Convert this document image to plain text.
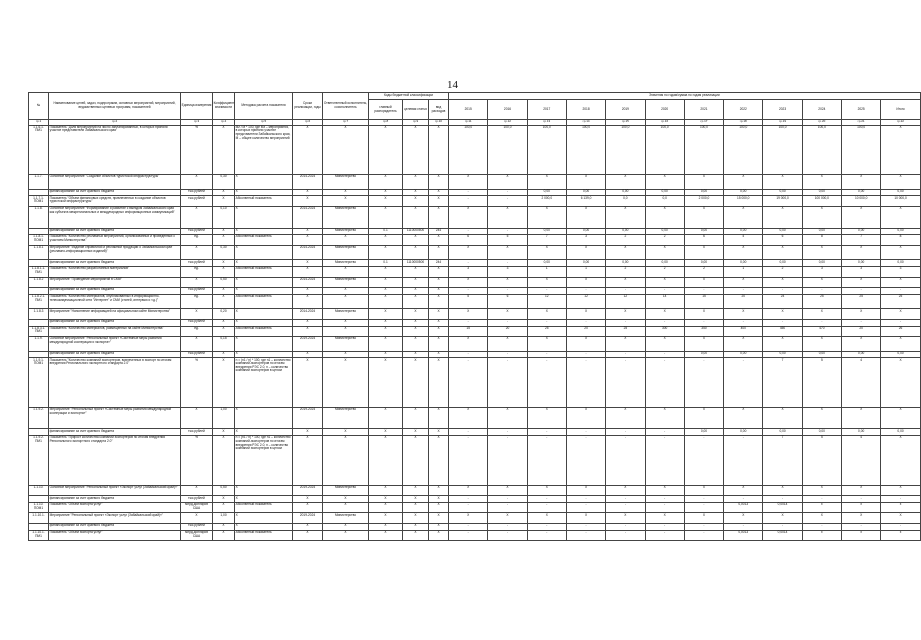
14
№	Наименование целей, задач, подпрограмм, основных мероприятий, мероприятий, ведомственных целевых программ, показателей	Единица измерения	Коэффициент значимости	Методика расчета показателя	Сроки реализации, годы	Ответственный исполнитель, соисполнитель	Коды бюджетной классификации			Значения по годам/сумма по годам реализации											
							главный распорядитель	целевая статья	вид расходов	2015	2016	2017	2018	2019	2020	2021	2022	2023	2024	2025	Итого
гр.1	гр.2	гр.3	гр.4	гр.5	гр.6	гр.7	гр.8	гр.9	гр.10	гр.11	гр.12	гр.13	гр.14	гр.15	гр.16	гр.17	гр.18	гр.19	гр.20	гр.21	гр.22
1.1.6.1. ПМ1	Показатель "Доля мероприятий на число запланированных, в которых приняли участие представители Забайкальского края"	%	X	Мz / М * 100, где Мz – мероприятия, в которых приняли участие представители Забайкальского края, М – общее количество мероприятий	X	X	X	X	X	100,0	100,0	100,0	100,0	100,0	100,0	100,0	100,0	100,0	100,0	100,0	X
1.1.7.	Основное мероприятие "Создание объектов туристской инфраструктуры"	Х	0,30	X	2014-2024	Министерство	Х	Х	Х	X	X	X	X	X	X	X	X	X	X	X	X
	финансирование за счет краевого бюджета	тыс.рублей	X	X	X	X	X	X	X	-	-	0,00	0,00	0,00	0,00	0,00	0,00	0,00	0,00	0,00	0,00
1.1.7.1. ПОМ1	Показатель "Объем финансовых средств, привлеченных в создание объектов туристской инфраструктуры"	тыс.рублей	X	Абсолютный показатель	X	X	Х	Х	Х	-	-	2 000,0	6 139,0	0,0	0,0	2 000,0	15 000,0	19 000,0	100 000,0	10 000,0	10 000,0
1.1.8.	Основное мероприятие "Формирование и развитие с выездом Забайкальского края как субъекта межрегиональных и международных информационных коммуникаций"	Х	0,10	X	2014-2024	Министерство	Х	Х	Х	X	X	X	X	X	X	X	X	X	X	X	X
	финансирование за счет краевого бюджета	тыс.рублей	X	X	X	Министерство	0.1	1110000500	244	-	-	0,00	0,00	0,00	0,00	0,00	0,00	0,00	0,00	0,00	0,00
1.1.8.1. ПОМ1	Показатель "Количество рекламных мероприятий, организованных и проведенных с участием Министерства"	ед.	X	Абсолютный показатель	X	X	Х	Х	Х	6	5	7	3	2	2	6	4	6	8	7	8
1.1.8.1	Мероприятие "Издание справочной и рекламной продукции о Забайкальском крае (рекламно-информационных изданий)"	Х	0,30	X	2014-2024	Министерство	Х	Х	Х	X	X	X	X	X	X	X	X	X	X	X	X
	финансирование за счет краевого бюджета	тыс.рублей	X	X	X	Министерство	0.1	1110000500	244	-	-	0,00	0,00	0,00	0,00	0,00	0,00	0,00	0,00	0,00	0,00
1.1.8.1.1. ПМ1	Показатель "Количество разработанных материалов"	ед.	X	Абсолютный показатель	X	X	Х	Х	Х	3	3	1	1	2	2	2	1	2	3	3	3
1.1.8.2	Мероприятие "Проведение мероприятий в СМИ"	Х	0,50	X	2014-2024	Министерство	Х	Х	Х	X	X	X	X	X	X	X	X	X	X	X	X
	финансирование за счет краевого бюджета	тыс.рублей	X	X	X	X	X	X	X	-	-	-	-	-	-	-	-	-	-	-	-
1.1.8.2.1. ПМ1	Показатель "Количество материалов, опубликованных в информационно-телекоммуникационной сети "Интернет" и СМИ (статей, интервью и т.д.)"	ед.	X	Абсолютный показатель	X	X	Х	Х	Х	5	6	12	12	12	14	15	20	24	25	25	25
1.1.8.3	Мероприятие "Наполнение информацией на официальном сайте Министерства"	Х	0,20	X	2014-2024	Министерство	Х	Х	Х	X	X	X	X	X	X	X	X	X	X	X	X
	финансирование за счет краевого бюджета	тыс.рублей	X	X	X	X	X	X	X	-	-	-	-	-	-	-	-	-	-	-	-
1.1.8.3.1. ПМ1	Показатель "Количество материалов, размещенных на сайте Министерства"	ед.	X	Абсолютный показатель	X	X	Х	Х	Х	15	20	25	20	25	300	350	400	450	470	20	26
1.1.9.	Основное мероприятие "Региональный проект «Системные меры развития международной кооперации и экспорта»"	Х	0,15	X	2019-2024	Министерство	Х	Х	Х	X	X	X	X	X	X	X	X	X	X	X	X
	финансирование за счет краевого бюджета	тыс.рублей	X	X	X	X	X	X	X	-	-	-	-	-	-	0,00	0,00	0,00	0,00	0,00	0,00
1.1.9.1. ПОМ1	Показатель "Количество компаний экспортеров, вовлеченных в экспорт по итогам внедрения Регионального экспортного стандарта 2.0"	%	X	n = (n1 / n) * 100, где n1 – количество компаний-экспортеров по итогам внедрения РЭС 2.0, n – количество компаний экспортеров в целом	X	X	Х	Х	Х	-	-	-	-	-	-	-	-	7	5	4	X
1.1.9.2.	Мероприятие "Региональный проект «Системные меры развития международной кооперации и экспорта»"	Х	1,00	X	2019-2024	Министерство	Х	Х	Х	X	X	X	X	X	X	X	X	X	X	X	X
	финансирование за счет краевого бюджета	тыс.рублей	X	X	X	X	X	X	X	-	-	-	-	-	-	0,00	0,00	0,00	0,00	0,00	0,00
1.1.9.2. ПМ1	Показатель "Прирост количества компаний экспортеров по итогам внедрения Регионального экспортного стандарта 2.0"	%	X	n = (n1 / n) * 100, где n1 – количество компаний-экспортеров по итогам внедрения РЭС 2.0, n – количество компаний экспортеров в целом	X	X	Х	Х	Х	-	-	-	-	-	-	-	-	7	5	4	X
1.1.10.	Основное мероприятие "Региональный проект «Экспорт услуг (Забайкальский край)»"	Х	0,50	X	2019-2024	Министерство	Х	Х	Х	X	X	X	X	X	X	X	X	X	X	X	X
	финансирование за счет краевого бюджета	тыс.рублей	X	X	X	X	X	X	X	-	-	-	-	-	-	-	-	-	-	-	-
1.1.10. ПОМ1	Показатель "Объем экспорта услуг"	млрд.долларов США	X	Абсолютный показатель	X	X	Х	Х	Х	-	-	-	-	-	-	-	0,0013	0,0014	х	х	х
1.1.10.1.	Мероприятие "Региональный проект «Экспорт услуг (Забайкальский край)»"	Х	1,00	X	2019-2024	Министерство	Х	Х	Х	X	X	X	X	X	X	X	X	X	X	X	X
	финансирование за счет краевого бюджета	тыс.рублей	X	X	X	X	X	X	X	-	-	-	-	-	-	-	-	-	-	-	-
1.1.10.1. ПМ1	Показатель "Объем экспорта услуг"	млрд.долларов США	X	Абсолютный показатель	X	X	Х	Х	Х	-	-	-	-	-	-	-	0,0013	0,0014	х	х	х
